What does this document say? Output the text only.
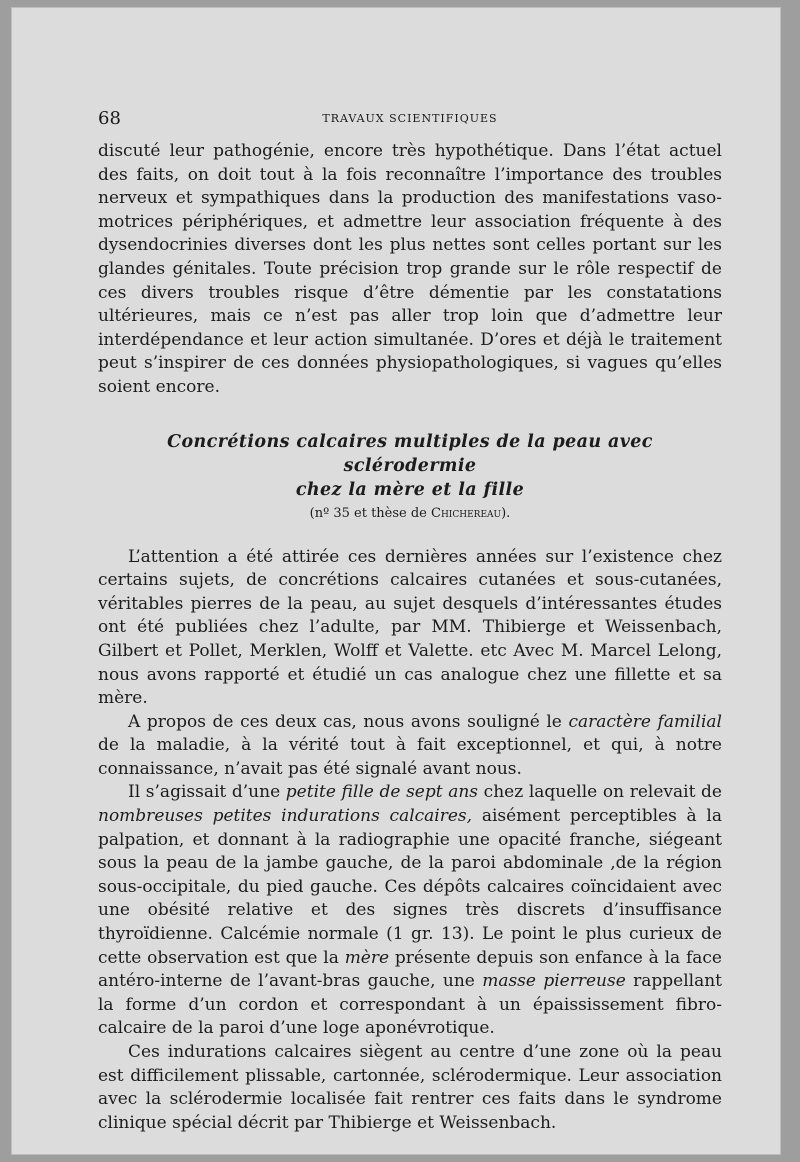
68	TRAVAUX SCIENTIFIQUES

discuté leur pathogénie, encore très hypothétique. Dans l’état actuel des faits, on doit tout à la fois reconnaître l’importance des troubles nerveux et sympathiques dans la production des manifestations vaso-motrices périphériques, et admettre leur association fréquente à des dysendocrinies diverses dont les plus nettes sont celles portant sur les glandes génitales. Toute précision trop grande sur le rôle respectif de ces divers troubles risque d’être démentie par les constatations ultérieures, mais ce n’est pas aller trop loin que d’admettre leur interdépendance et leur action simultanée. D’ores et déjà le traitement peut s’inspirer de ces données physiopathologiques, si vagues qu’elles soient encore.

Concrétions calcaires multiples de la peau avec sclérodermie
chez la mère et la fille
(nº 35 et thèse de Chichereau).

L’attention a été attirée ces dernières années sur l’existence chez certains sujets, de concrétions calcaires cutanées et sous-cutanées, véritables pierres de la peau, au sujet desquels d’intéressantes études ont été publiées chez l’adulte, par MM. Thibierge et Weissenbach, Gilbert et Pollet, Merklen, Wolff et Valette. etc Avec M. Marcel Lelong, nous avons rapporté et étudié un cas analogue chez une fillette et sa mère.

A propos de ces deux cas, nous avons souligné le caractère familial de la maladie, à la vérité tout à fait exceptionnel, et qui, à notre connaissance, n’avait pas été signalé avant nous.

Il s’agissait d’une petite fille de sept ans chez laquelle on relevait de nombreuses petites indurations calcaires, aisément perceptibles à la palpation, et donnant à la radiographie une opacité franche, siégeant sous la peau de la jambe gauche, de la paroi abdominale ,de la région sous-occipitale, du pied gauche. Ces dépôts calcaires coïncidaient avec une obésité relative et des signes très discrets d’insuffisance thyroïdienne. Calcémie normale (1 gr. 13). Le point le plus curieux de cette observation est que la mère présente depuis son enfance à la face antéro-interne de l’avant-bras gauche, une masse pierreuse rappellant la forme d’un cordon et correspondant à un épaississement fibro-calcaire de la paroi d’une loge aponévrotique.

Ces indurations calcaires siègent au centre d’une zone où la peau est difficilement plissable, cartonnée, sclérodermique. Leur association avec la sclérodermie localisée fait rentrer ces faits dans le syndrome clinique spécial décrit par Thibierge et Weissenbach.
